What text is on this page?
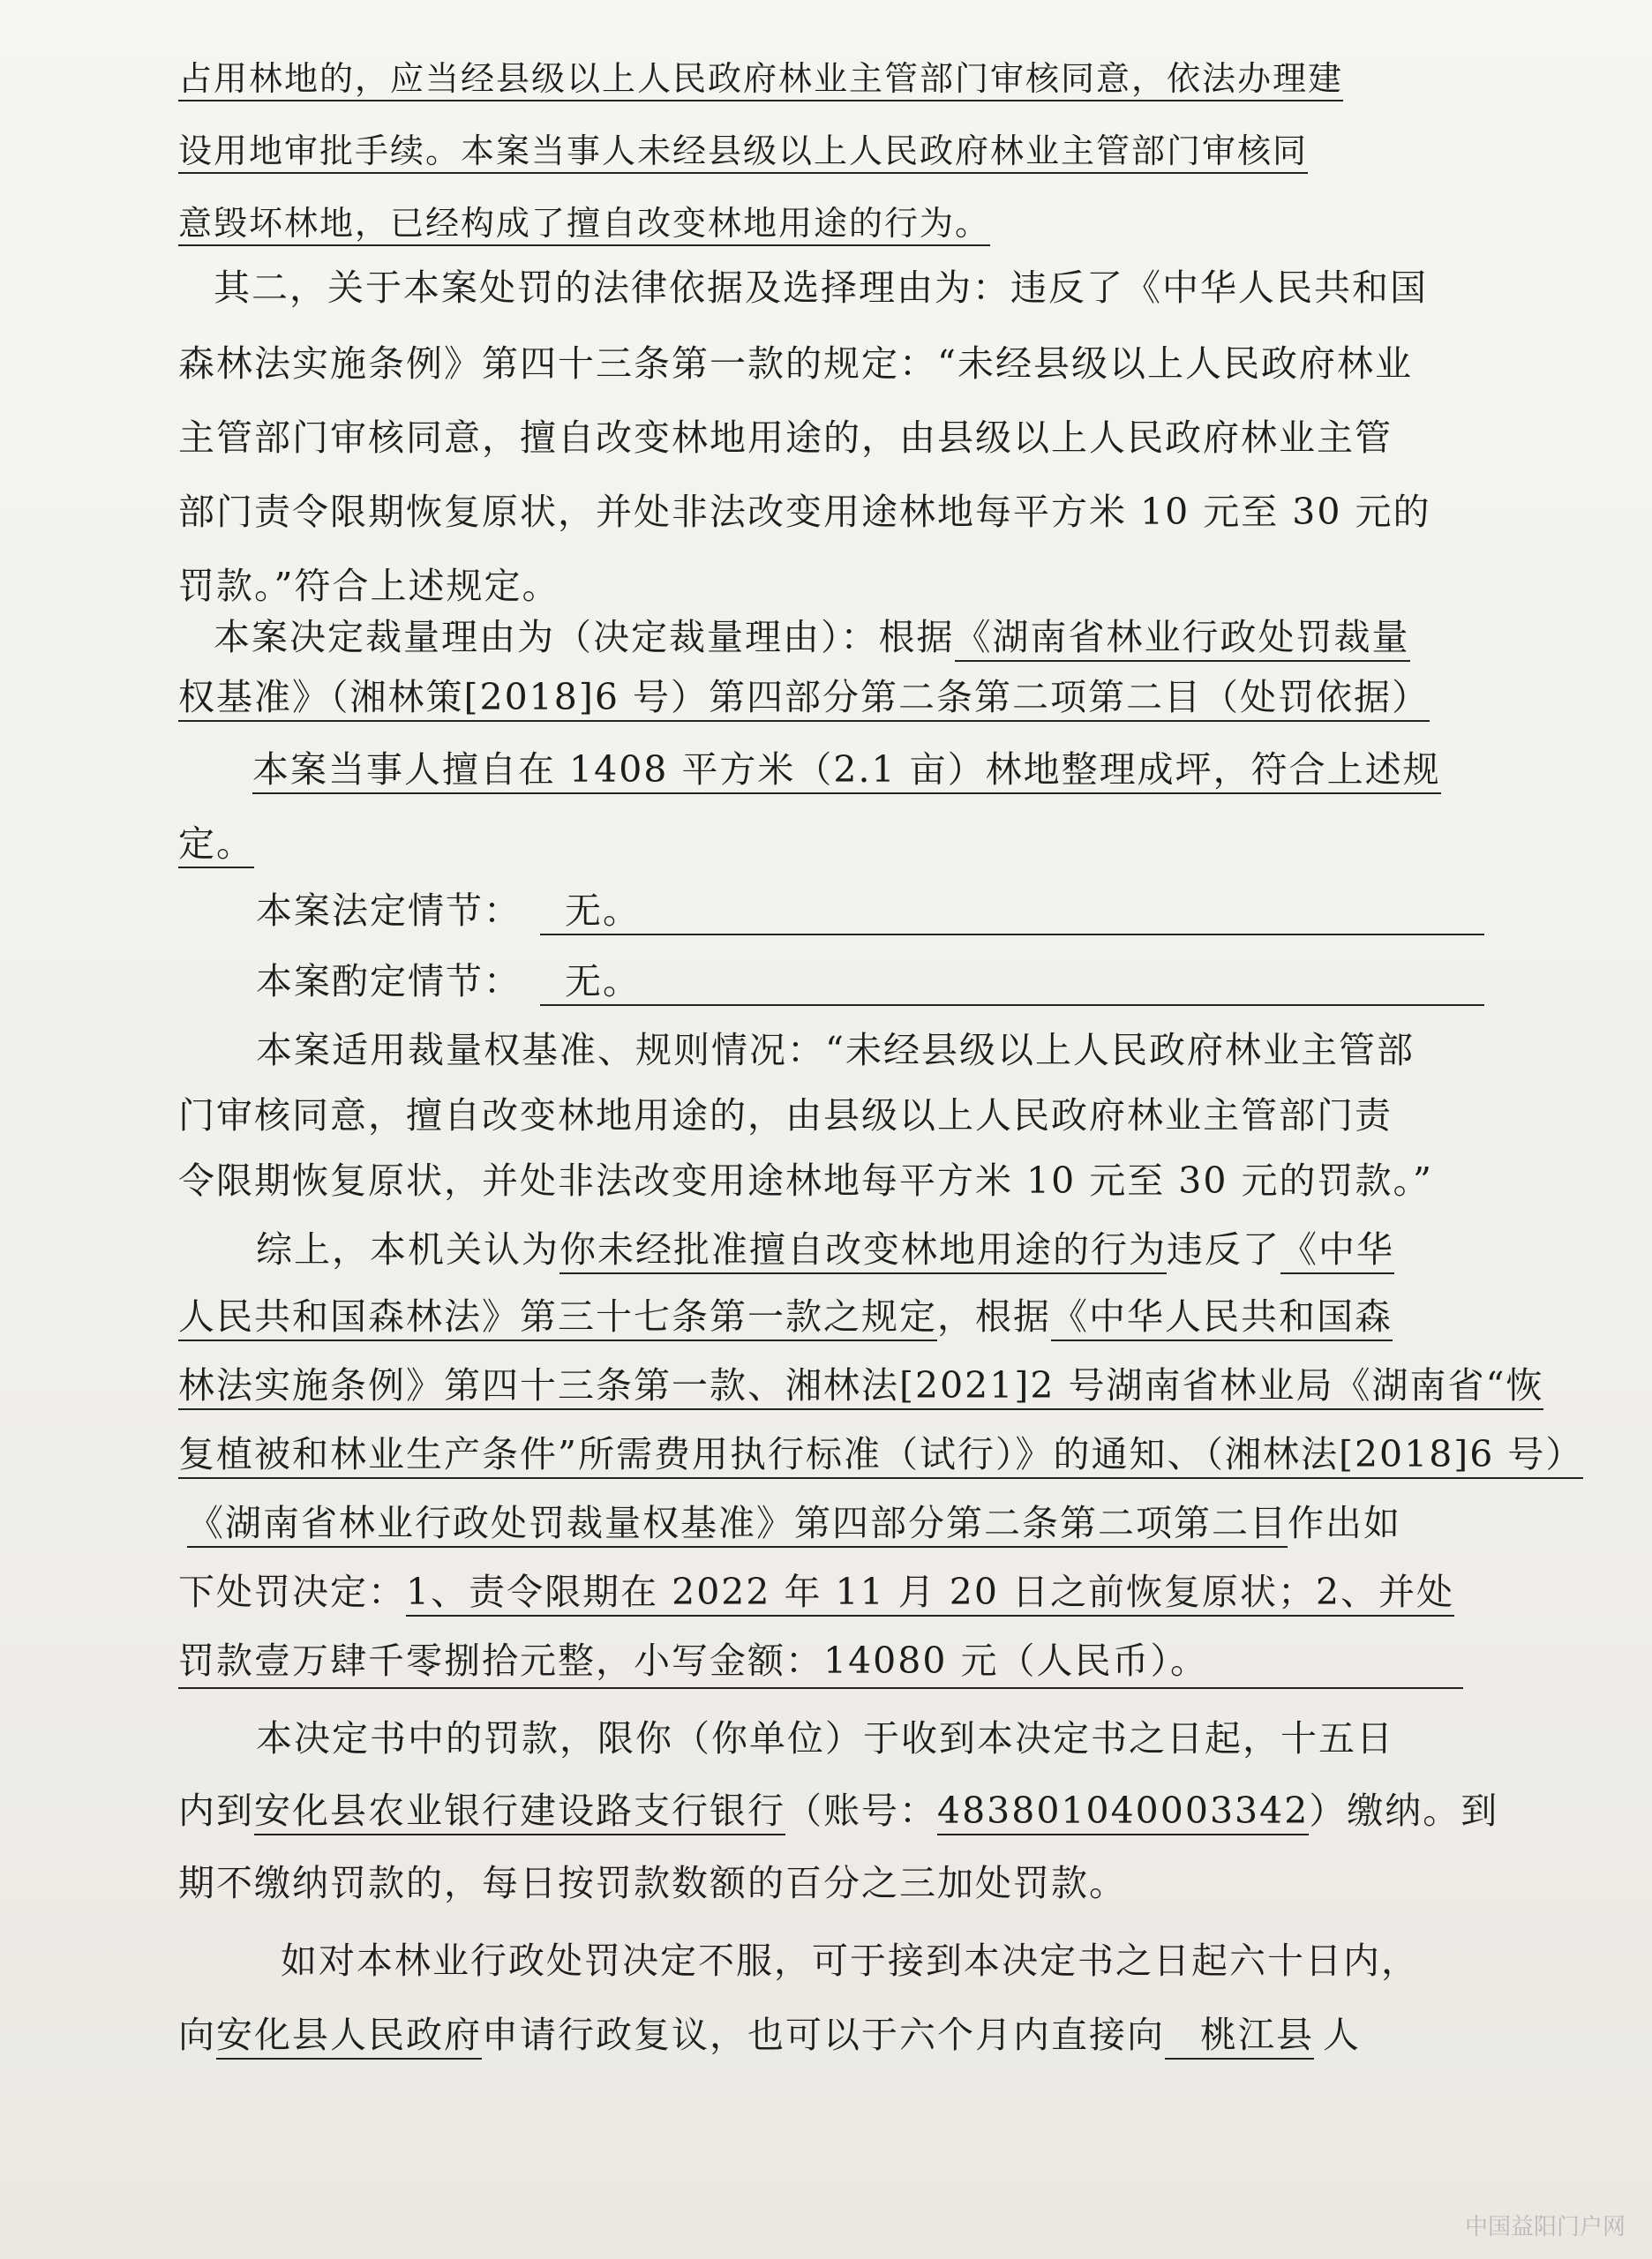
占用林地的，应当经县级以上人民政府林业主管部门审核同意，依法办理建
设用地审批手续。本案当事人未经县级以上人民政府林业主管部门审核同
意毁坏林地，已经构成了擅自改变林地用途的行为。
其二，关于本案处罚的法律依据及选择理由为：违反了《中华人民共和国
森林法实施条例》第四十三条第一款的规定：“未经县级以上人民政府林业
主管部门审核同意，擅自改变林地用途的，由县级以上人民政府林业主管
部门责令限期恢复原状，并处非法改变用途林地每平方米 10 元至 30 元的
罚款。”符合上述规定。
本案决定裁量理由为（决定裁量理由）：根据《湖南省林业行政处罚裁量
权基准》（湘林策[2018]6 号）第四部分第二条第二项第二目（处罚依据）
本案当事人擅自在 1408 平方米（2.1 亩）林地整理成坪，符合上述规
定。
本案法定情节： 无。
本案酌定情节： 无。
本案适用裁量权基准、规则情况：“未经县级以上人民政府林业主管部
门审核同意，擅自改变林地用途的，由县级以上人民政府林业主管部门责
令限期恢复原状，并处非法改变用途林地每平方米 10 元至 30 元的罚款。”
综上，本机关认为你未经批准擅自改变林地用途的行为违反了《中华
人民共和国森林法》第三十七条第一款之规定，根据《中华人民共和国森
林法实施条例》第四十三条第一款、湘林法[2021]2 号湖南省林业局《湖南省“恢
复植被和林业生产条件”所需费用执行标准（试行）》的通知、（湘林法[2018]6 号）
《湖南省林业行政处罚裁量权基准》第四部分第二条第二项第二目作出如
下处罚决定：1、责令限期在 2022 年 11 月 20 日之前恢复原状；2、并处
罚款壹万肆千零捌拾元整，小写金额：14080 元（人民币）。
本决定书中的罚款，限你（你单位）于收到本决定书之日起，十五日
内到安化县农业银行建设路支行银行（账号：483801040003342）缴纳。到
期不缴纳罚款的，每日按罚款数额的百分之三加处罚款。
如对本林业行政处罚决定不服，可于接到本决定书之日起六十日内，
向安化县人民政府申请行政复议，也可以于六个月内直接向 桃江县 人
中国益阳门户网
